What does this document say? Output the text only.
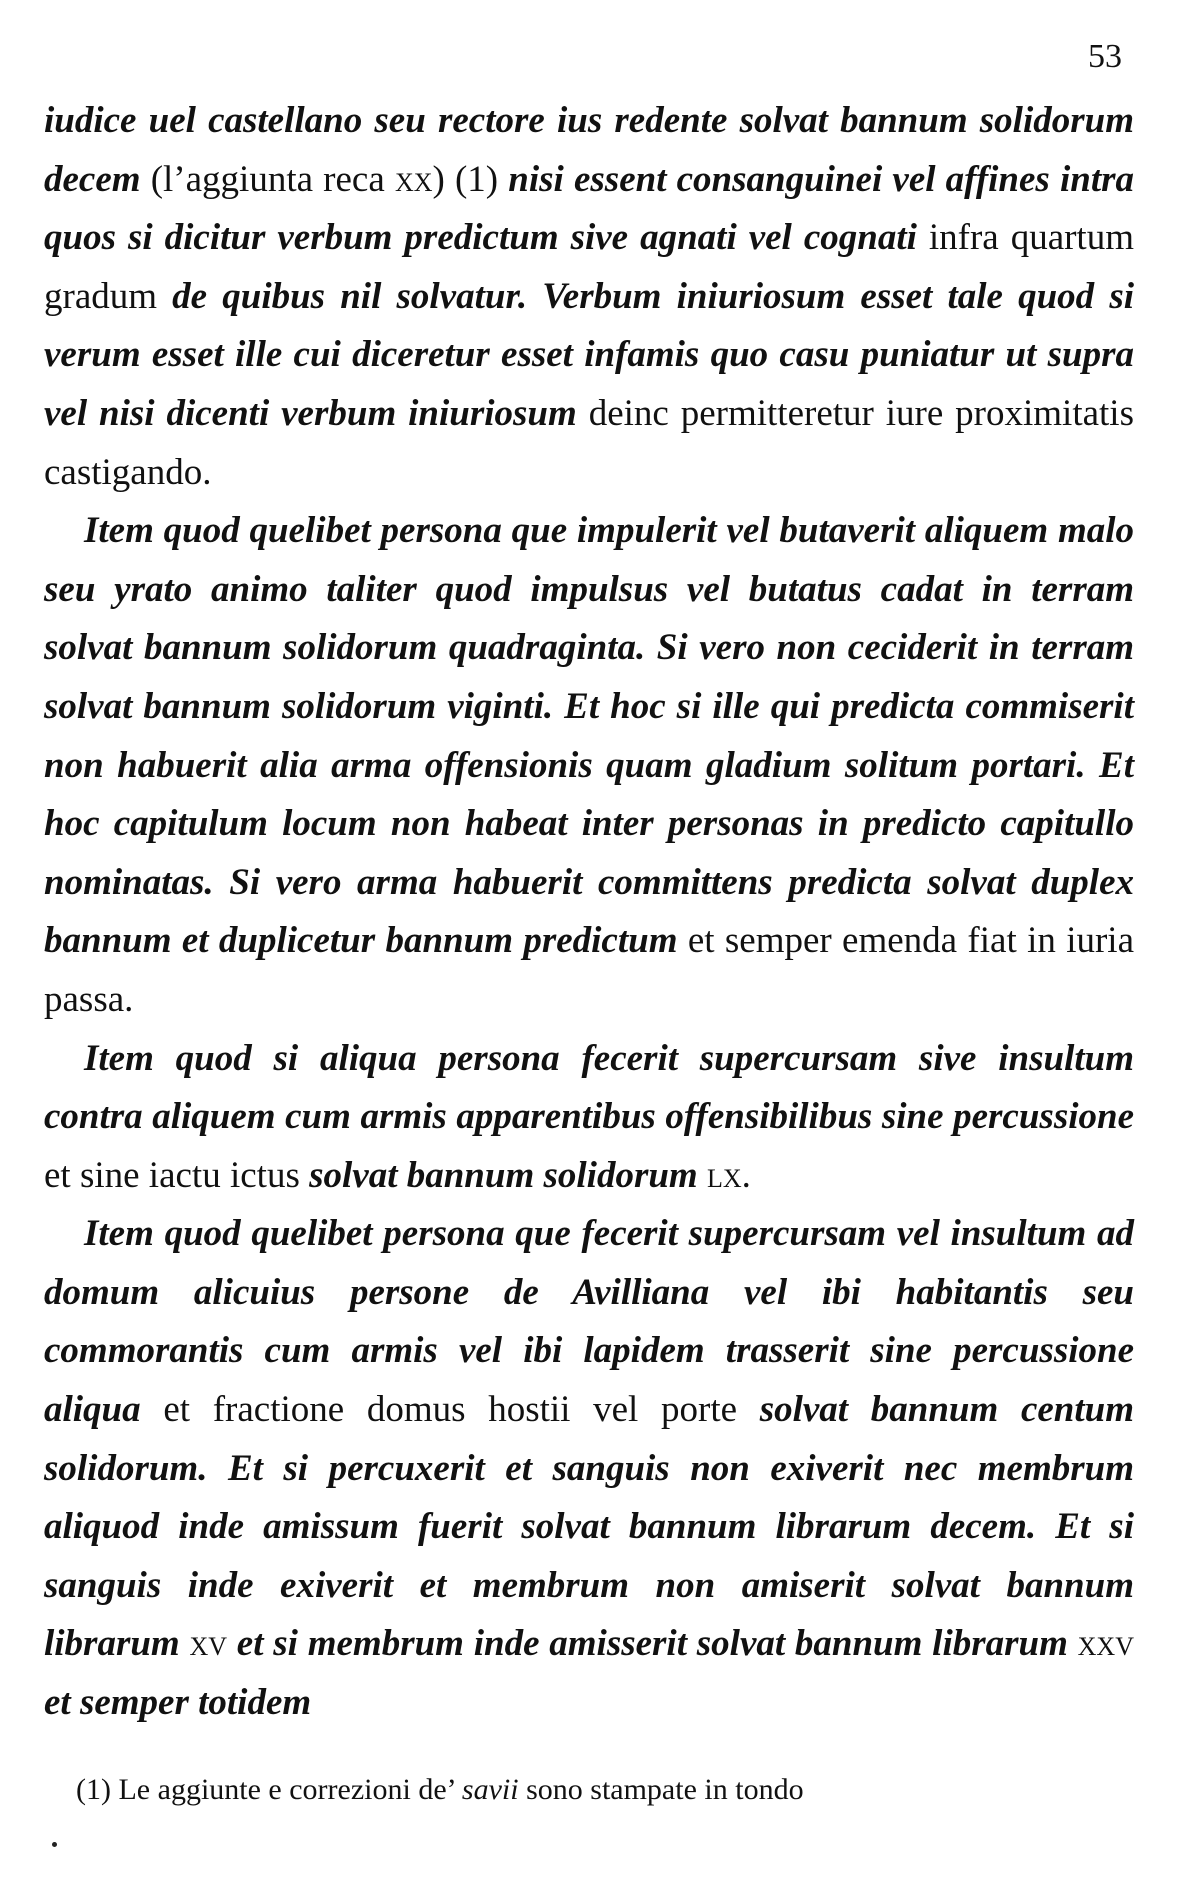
53

iudice uel castellano seu rectore ius redente solvat bannum solidorum decem (l’aggiunta reca xx) (1) nisi essent consanguinei vel affines intra quos si dicitur verbum predictum sive agnati vel cognati infra quartum gradum de quibus nil solvatur. Verbum iniuriosum esset tale quod si verum esset ille cui diceretur esset infamis quo casu puniatur ut supra vel nisi dicenti verbum iniuriosum deinc permitteretur iure proximitatis castigando.

Item quod quelibet persona que impulerit vel butaverit aliquem malo seu yrato animo taliter quod impulsus vel butatus cadat in terram solvat bannum solidorum quadraginta. Si vero non ceciderit in terram solvat bannum solidorum viginti. Et hoc si ille qui predicta commiserit non habuerit alia arma offensionis quam gladium solitum portari. Et hoc capitulum locum non habeat inter personas in predicto capitullo nominatas. Si vero arma habuerit committens predicta solvat duplex bannum et duplicetur bannum predictum et semper emenda fiat in iuria passa.

Item quod si aliqua persona fecerit supercursam sive insultum contra aliquem cum armis apparentibus offensibilibus sine percussione et sine iactu ictus solvat bannum solidorum lx.

Item quod quelibet persona que fecerit supercursam vel insultum ad domum alicuius persone de Avilliana vel ibi habitantis seu commorantis cum armis vel ibi lapidem trasserit sine percussione aliqua et fractione domus hostii vel porte solvat bannum centum solidorum. Et si percuxerit et sanguis non exiverit nec membrum aliquod inde amissum fuerit solvat bannum librarum decem. Et si sanguis inde exiverit et membrum non amiserit solvat bannum librarum xv et si membrum inde amisserit solvat bannum librarum xxv et semper totidem

(1) Le aggiunte e correzioni de’ savii sono stampate in tondo
